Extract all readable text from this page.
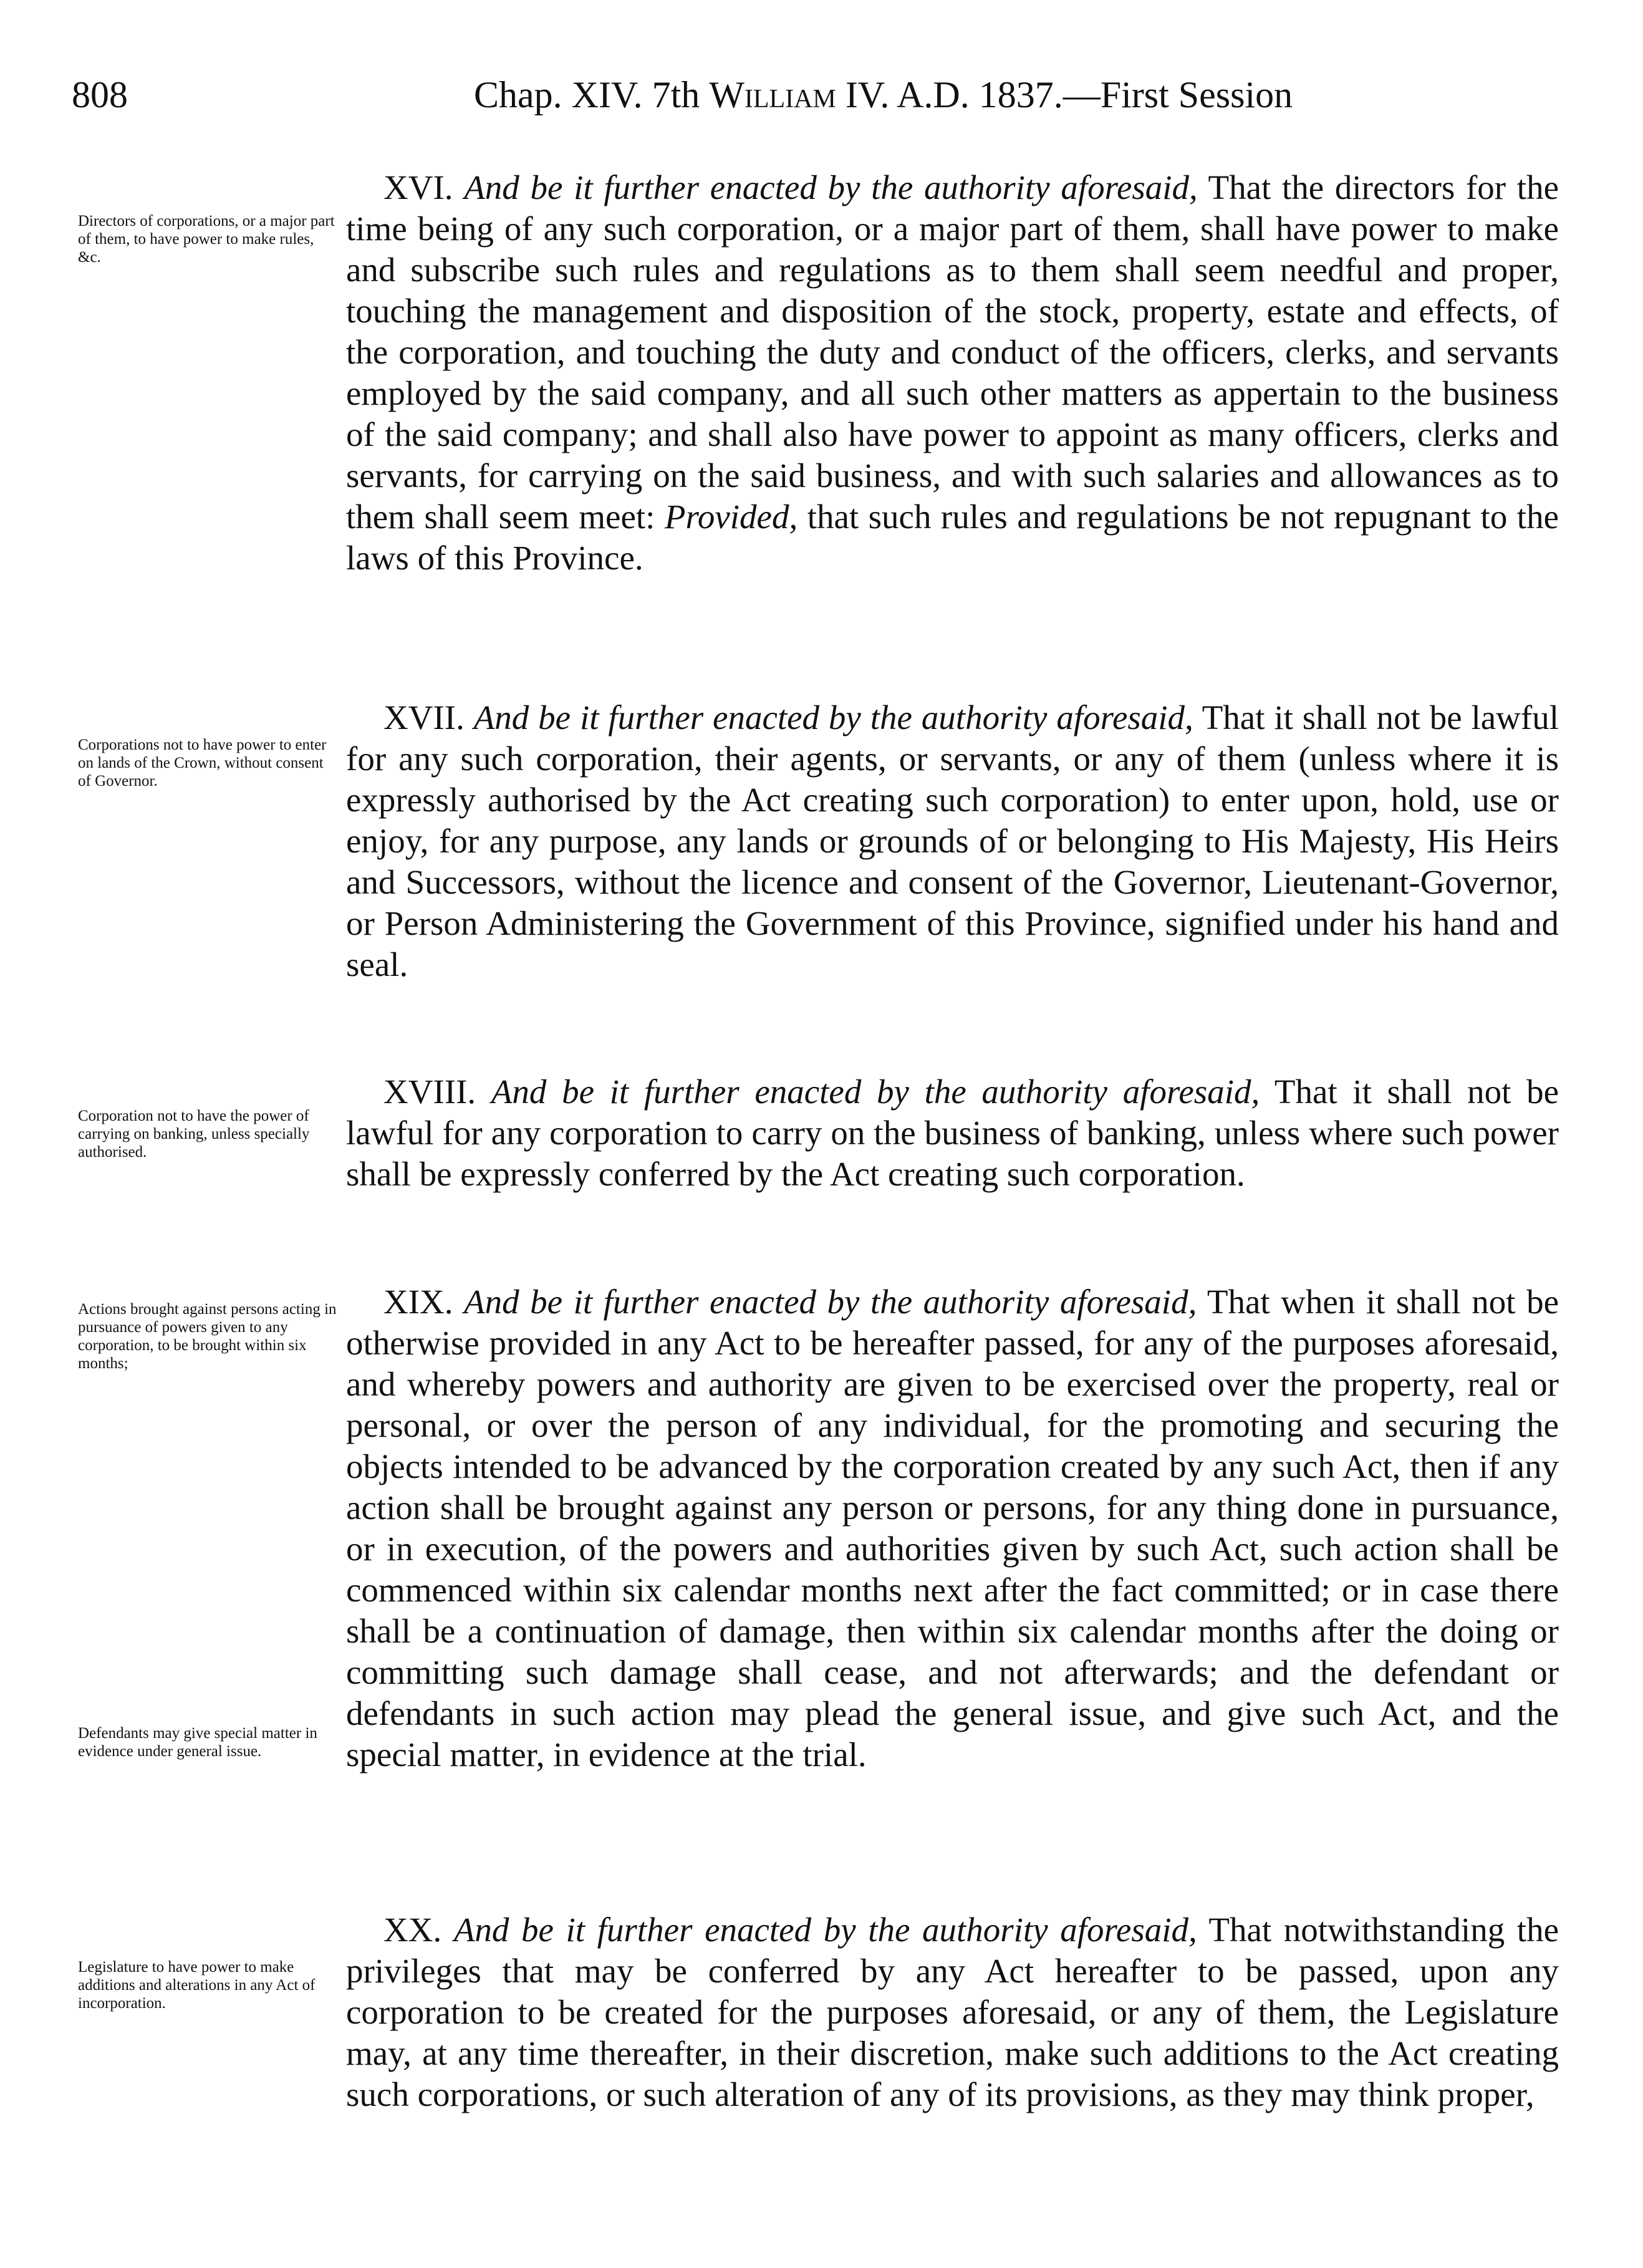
808	Chap. XIV. 7th William IV. A.D. 1837.—First Session
Directors of corporations, or a major part of them, to have power to make rules, &c.

XVI. And be it further enacted by the authority aforesaid, That the directors for the time being of any such corporation, or a major part of them, shall have power to make and subscribe such rules and regulations as to them shall seem needful and proper, touching the management and disposition of the stock, property, estate and effects, of the corporation, and touching the duty and conduct of the officers, clerks, and servants employed by the said company, and all such other matters as appertain to the business of the said company; and shall also have power to appoint as many officers, clerks and servants, for carrying on the said business, and with such salaries and allowances as to them shall seem meet: Provided, that such rules and regulations be not repugnant to the laws of this Province.

Corporations not to have power to enter on lands of the Crown, without consent of Governor.

XVII. And be it further enacted by the authority aforesaid, That it shall not be lawful for any such corporation, their agents, or servants, or any of them (unless where it is expressly authorised by the Act creating such corporation) to enter upon, hold, use or enjoy, for any purpose, any lands or grounds of or belonging to His Majesty, His Heirs and Successors, without the licence and consent of the Governor, Lieutenant-Governor, or Person Administering the Government of this Province, signified under his hand and seal.

Corporation not to have the power of carrying on banking, unless specially authorised.

XVIII. And be it further enacted by the authority aforesaid, That it shall not be lawful for any corporation to carry on the business of banking, unless where such power shall be expressly conferred by the Act creating such corporation.

Actions brought against persons acting in pursuance of powers given to any corporation, to be brought within six months;
Defendants may give special matter in evidence under general issue.

XIX. And be it further enacted by the authority aforesaid, That when it shall not be otherwise provided in any Act to be hereafter passed, for any of the purposes aforesaid, and whereby powers and authority are given to be exercised over the property, real or personal, or over the person of any individual, for the promoting and securing the objects intended to be advanced by the corporation created by any such Act, then if any action shall be brought against any person or persons, for any thing done in pursuance, or in execution, of the powers and authorities given by such Act, such action shall be commenced within six calendar months next after the fact committed; or in case there shall be a continuation of damage, then within six calendar months after the doing or committing such damage shall cease, and not afterwards; and the defendant or defendants in such action may plead the general issue, and give such Act, and the special matter, in evidence at the trial.

Legislature to have power to make additions and alterations in any Act of incorporation.

XX. And be it further enacted by the authority aforesaid, That notwithstanding the privileges that may be conferred by any Act hereafter to be passed, upon any corporation to be created for the purposes aforesaid, or any of them, the Legislature may, at any time thereafter, in their discretion, make such additions to the Act creating such corporations, or such alteration of any of its provisions, as they may think proper,
